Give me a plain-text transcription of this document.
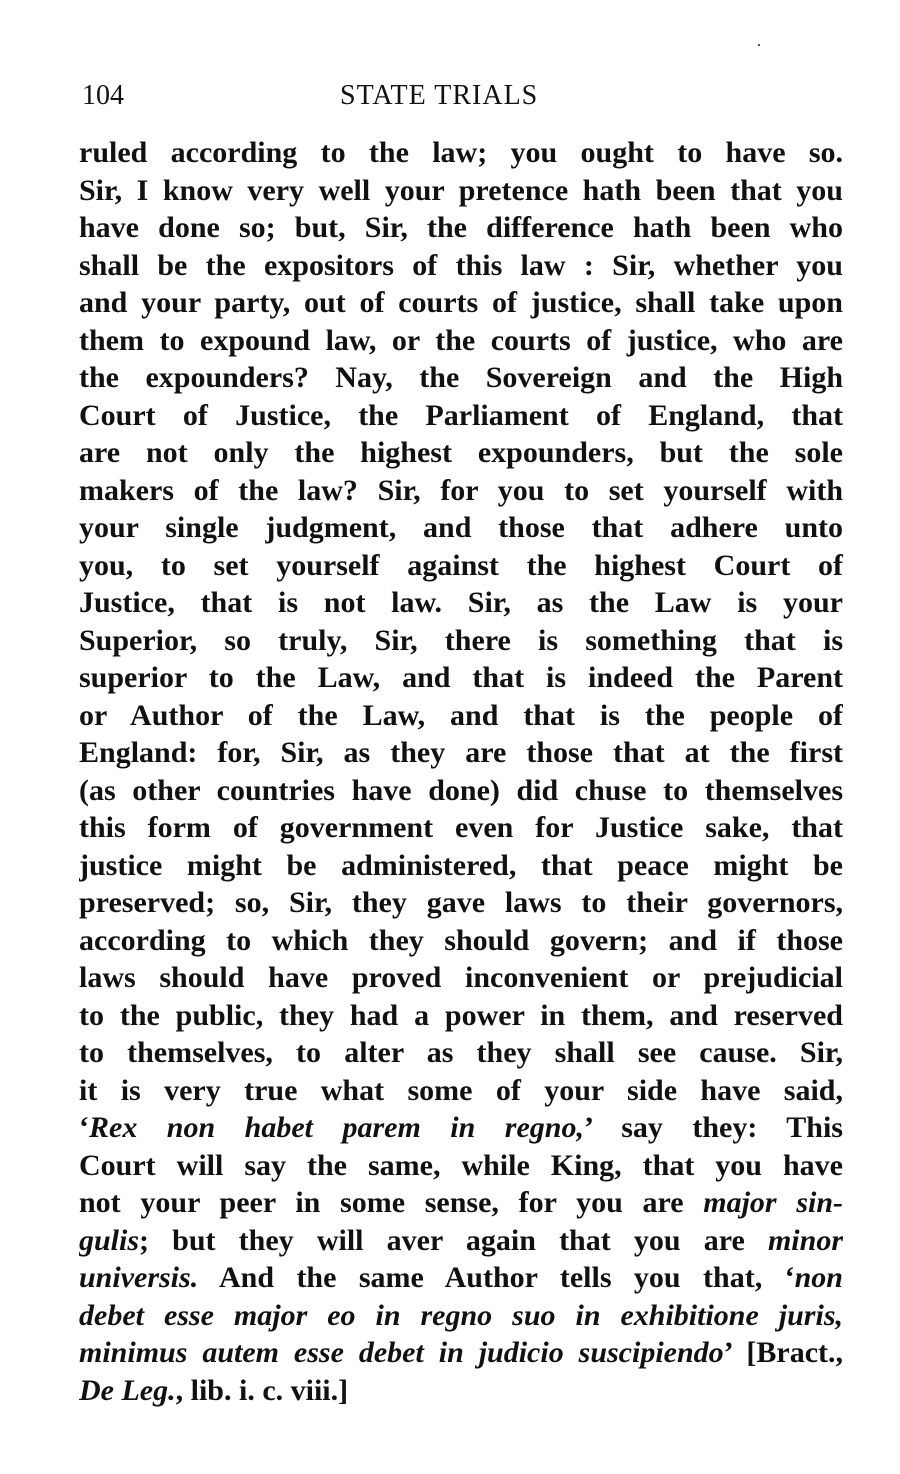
104	STATE TRIALS
ruled according to the law; you ought to have so.
Sir, I know very well your pretence hath been that you
have done so; but, Sir, the difference hath been who
shall be the expositors of this law : Sir, whether you
and your party, out of courts of justice, shall take upon
them to expound law, or the courts of justice, who are
the expounders? Nay, the Sovereign and the High
Court of Justice, the Parliament of England, that
are not only the highest expounders, but the sole
makers of the law? Sir, for you to set yourself with
your single judgment, and those that adhere unto
you, to set yourself against the highest Court of
Justice, that is not law. Sir, as the Law is your
Superior, so truly, Sir, there is something that is
superior to the Law, and that is indeed the Parent
or Author of the Law, and that is the people of
England: for, Sir, as they are those that at the first
(as other countries have done) did chuse to themselves
this form of government even for Justice sake, that
justice might be administered, that peace might be
preserved; so, Sir, they gave laws to their governors,
according to which they should govern; and if those
laws should have proved inconvenient or prejudicial
to the public, they had a power in them, and reserved
to themselves, to alter as they shall see cause. Sir,
it is very true what some of your side have said,
‘Rex non habet parem in regno,’ say they: This
Court will say the same, while King, that you have
not your peer in some sense, for you are major sin-
gulis; but they will aver again that you are minor
universis. And the same Author tells you that, ‘non
debet esse major eo in regno suo in exhibitione juris,
minimus autem esse debet in judicio suscipiendo’ [Bract.,
De Leg., lib. i. c. viii.]
